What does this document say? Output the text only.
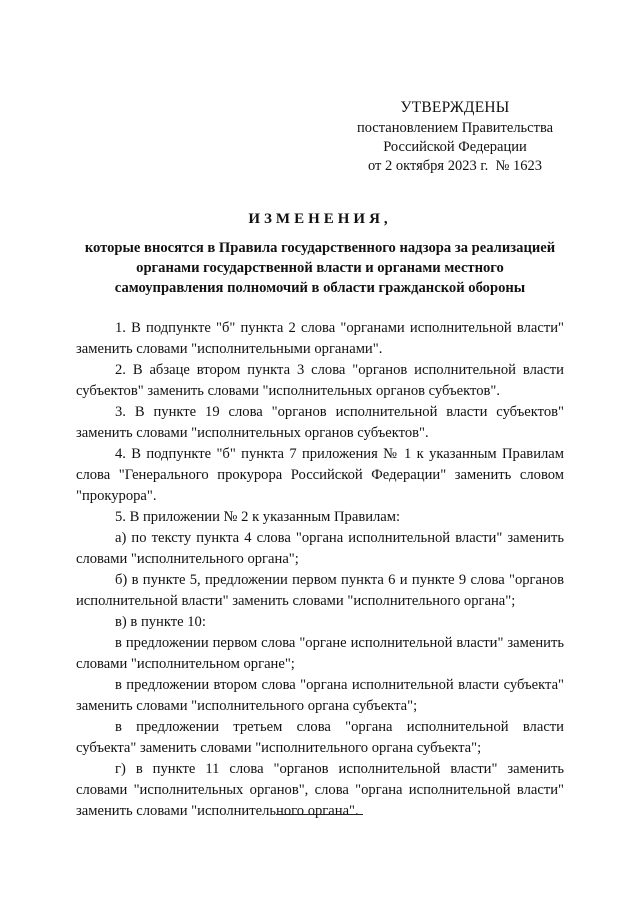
УТВЕРЖДЕНЫ
постановлением Правительства
Российской Федерации
от 2 октября 2023 г.  № 1623
ИЗМЕНЕНИЯ,
которые вносятся в Правила государственного надзора за реализацией
органами государственной власти и органами местного
самоуправления полномочий в области гражданской обороны

1. В подпункте "б" пункта 2 слова "органами исполнительной власти" заменить словами "исполнительными органами".

2. В абзаце втором пункта 3 слова "органов исполнительной власти субъектов" заменить словами "исполнительных органов субъектов".

3. В пункте 19 слова "органов исполнительной власти субъектов" заменить словами "исполнительных органов субъектов".

4. В подпункте "б" пункта 7 приложения № 1 к указанным Правилам слова "Генерального прокурора Российской Федерации" заменить словом "прокурора".

5. В приложении № 2 к указанным Правилам:

а) по тексту пункта 4 слова "органа исполнительной власти" заменить словами "исполнительного органа";

б) в пункте 5, предложении первом пункта 6 и пункте 9 слова "органов исполнительной власти" заменить словами "исполнительного органа";

в) в пункте 10:

в предложении первом слова "органе исполнительной власти" заменить словами "исполнительном органе";

в предложении втором слова "органа исполнительной власти субъекта" заменить словами "исполнительного органа субъекта";

в предложении третьем слова "органа исполнительной власти субъекта" заменить словами "исполнительного органа субъекта";

г) в пункте 11 слова "органов исполнительной власти" заменить словами "исполнительных органов", слова "органа исполнительной власти" заменить словами "исполнительного органа".
